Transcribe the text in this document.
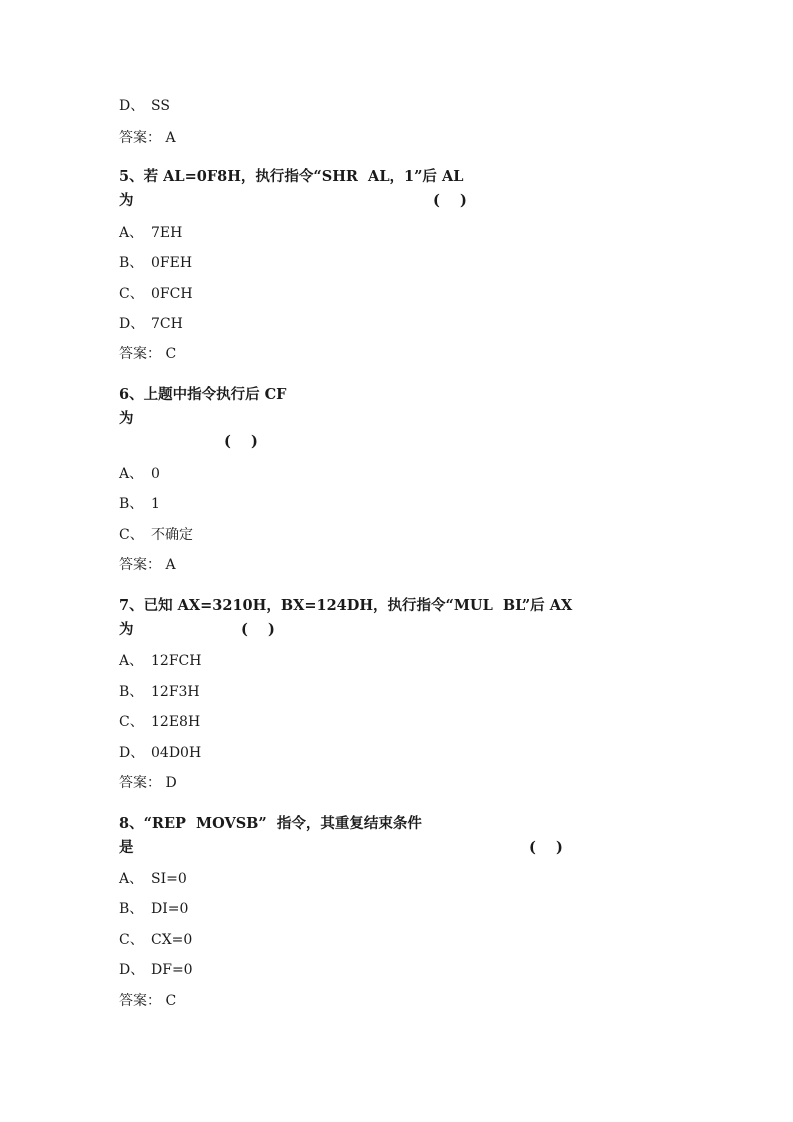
D、 SS
答案： A
5、若 AL=0F8H，执行指令“SHR  AL，1”后 AL
为	(    )
A、 7EH
B、 0FEH
C、 0FCH
D、 7CH
答案： C
6、上题中指令执行后 CF
为
(    )
A、 0
B、 1
C、 不确定
答案： A
7、已知 AX=3210H，BX=124DH，执行指令“MUL  BL”后 AX
为	(    )
A、 12FCH
B、 12F3H
C、 12E8H
D、 04D0H
答案： D
8、“REP  MOVSB”  指令，其重复结束条件
是	(    )
A、 SI=0
B、 DI=0
C、 CX=0
D、 DF=0
答案： C
